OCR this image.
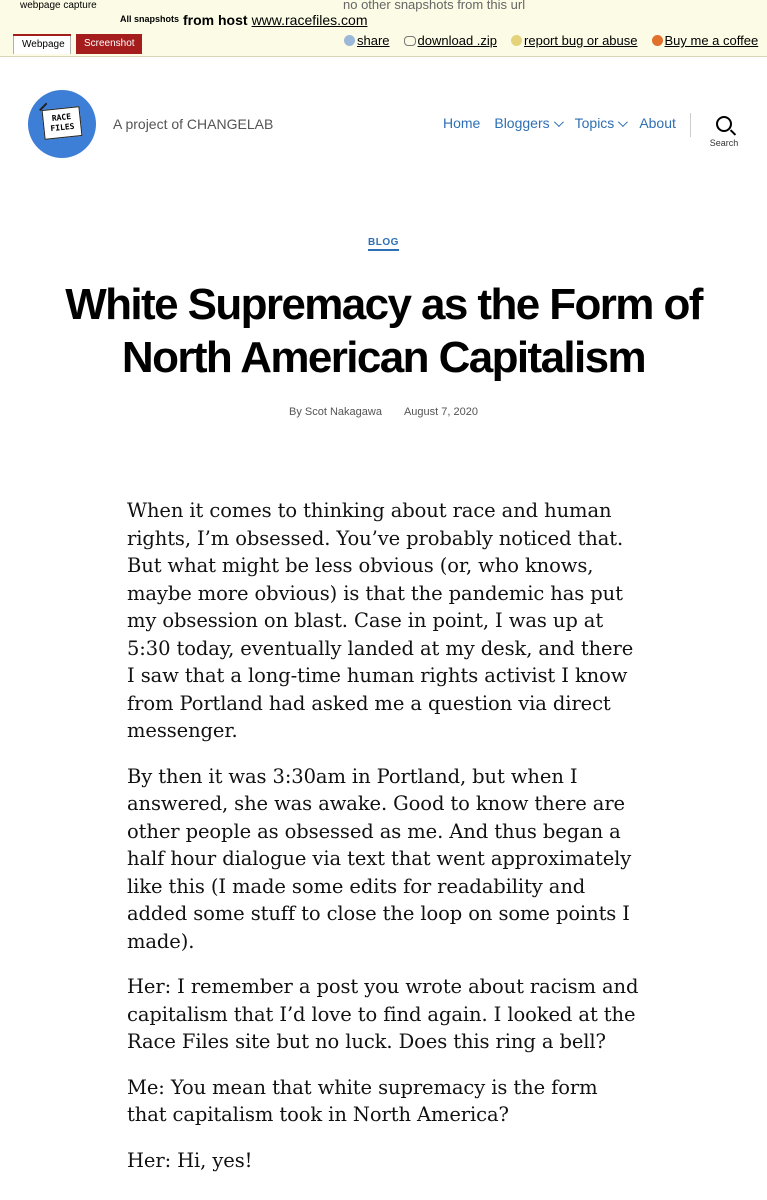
webpage capture
All snapshots from host www.racefiles.com
no other snapshots from this url
Webpage	Screenshot	share	download .zip	report bug or abuse	Buy me a coffee
RACE
FILES	A project of CHANGELAB	Home Bloggers Topics About
Search
BLOG
White Supremacy as the Form of North American Capitalism
By Scot Nakagawa August 7, 2020

When it comes to thinking about race and human rights, I’m obsessed. You’ve probably noticed that. But what might be less obvious (or, who knows, maybe more obvious) is that the pandemic has put my obsession on blast. Case in point, I was up at 5:30 today, eventually landed at my desk, and there I saw that a long-time human rights activist I know from Portland had asked me a question via direct messenger.

By then it was 3:30am in Portland, but when I answered, she was awake. Good to know there are other people as obsessed as me. And thus began a half hour dialogue via text that went approximately like this (I made some edits for readability and added some stuff to close the loop on some points I made).

Her: I remember a post you wrote about racism and capitalism that I’d love to find again. I looked at the Race Files site but no luck. Does this ring a bell?

Me: You mean that white supremacy is the form that capitalism took in North America?

Her: Hi, yes!
